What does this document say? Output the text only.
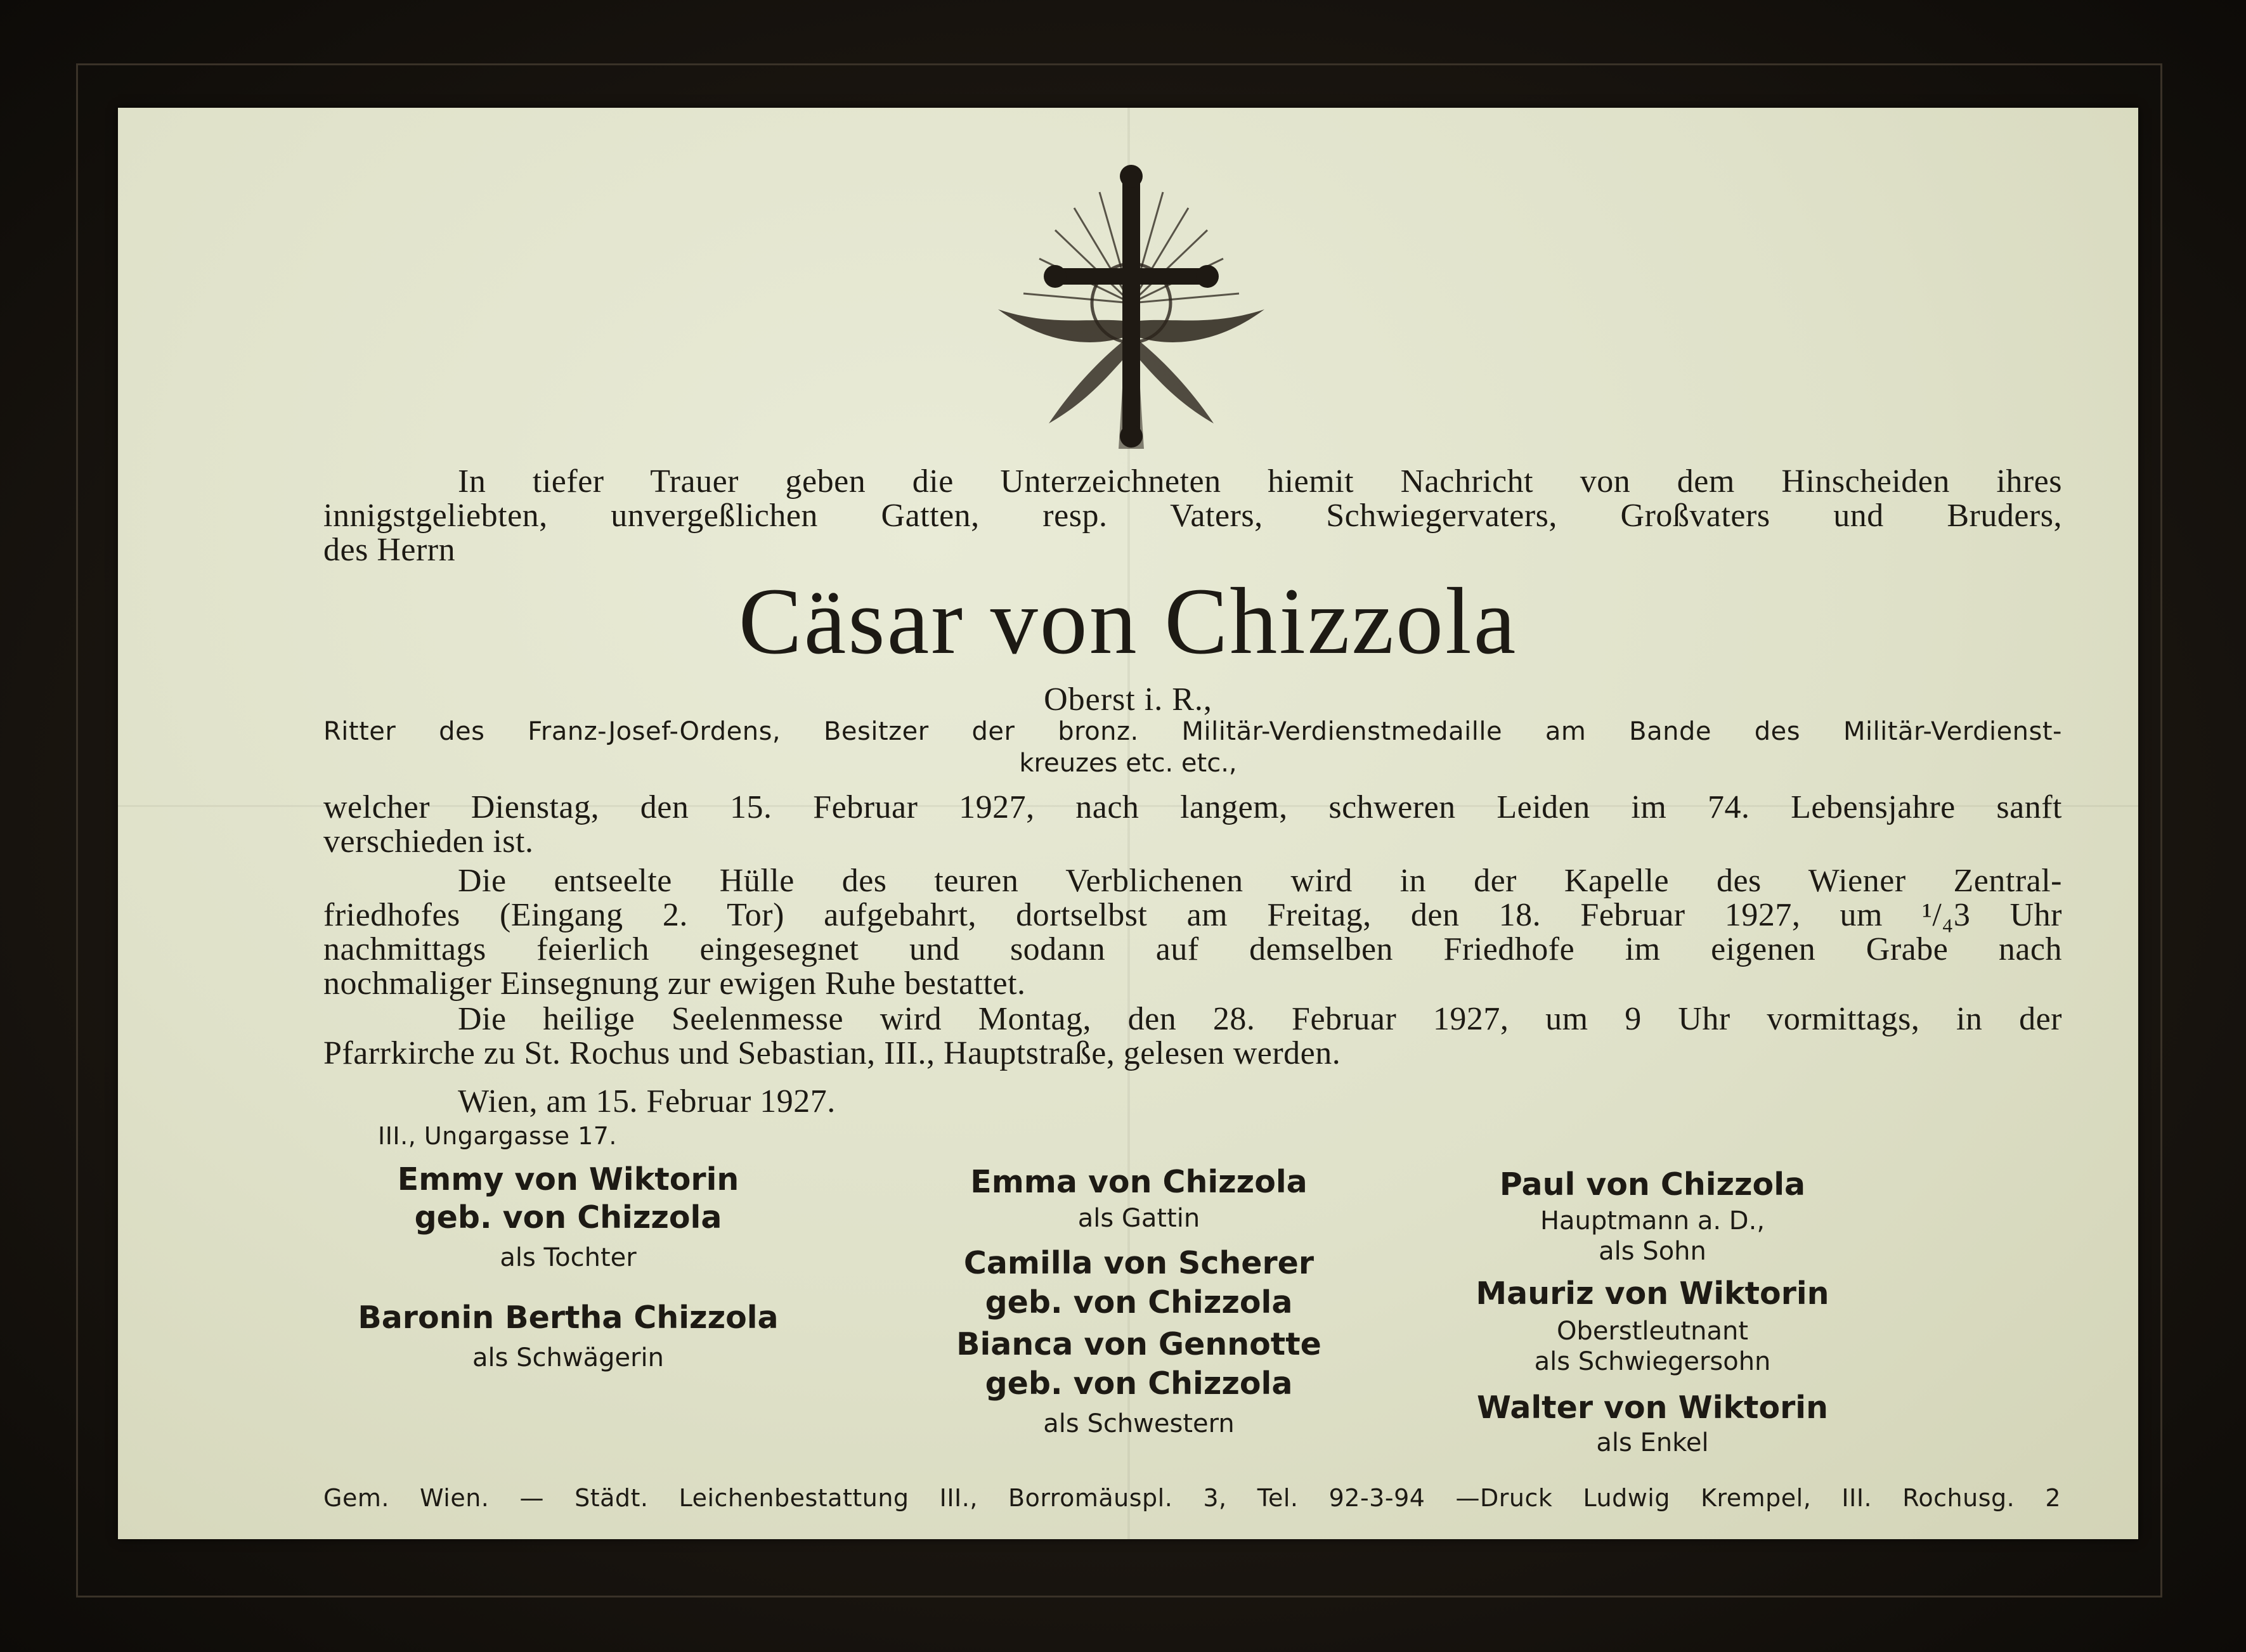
In tiefer Trauer geben die Unterzeichneten hiemit Nachricht von dem Hinscheiden ihres
innigstgeliebten, unvergeßlichen Gatten, resp. Vaters, Schwiegervaters, Großvaters und Bruders,
des Herrn
Cäsar von Chizzola
Oberst i. R.,
Ritter des Franz-Josef-Ordens, Besitzer der bronz. Militär-Verdienstmedaille am Bande des Militär-Verdienst-
kreuzes etc. etc.,
welcher Dienstag, den 15. Februar 1927, nach langem, schweren Leiden im 74. Lebensjahre sanft
verschieden ist.
Die entseelte Hülle des teuren Verblichenen wird in der Kapelle des Wiener Zentral-
friedhofes (Eingang 2. Tor) aufgebahrt, dortselbst am Freitag, den 18. Februar 1927, um ¹/₄3 Uhr
nachmittags feierlich eingesegnet und sodann auf demselben Friedhofe im eigenen Grabe nach
nochmaliger Einsegnung zur ewigen Ruhe bestattet.
Die heilige Seelenmesse wird Montag, den 28. Februar 1927, um 9 Uhr vormittags, in der
Pfarrkirche zu St. Rochus und Sebastian, III., Hauptstraße, gelesen werden.
Wien, am 15. Februar 1927.
III., Ungargasse 17.
Emmy von Wiktorin
geb. von Chizzola
als Tochter
Baronin Bertha Chizzola
als Schwägerin
Emma von Chizzola
als Gattin
Camilla von Scherer
geb. von Chizzola
Bianca von Gennotte
geb. von Chizzola
als Schwestern
Paul von Chizzola
Hauptmann a. D.,
als Sohn
Mauriz von Wiktorin
Oberstleutnant
als Schwiegersohn
Walter von Wiktorin
als Enkel
Gem. Wien. — Städt. Leichenbestattung III., Borromäuspl. 3, Tel. 92-3-94 —Druck Ludwig Krempel, III. Rochusg. 2
